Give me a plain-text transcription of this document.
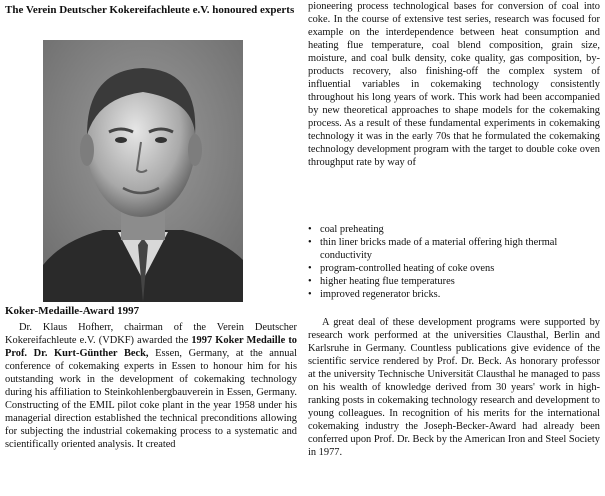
The Verein Deutscher Kokereifachleute e.V. honoured experts
Koker-Medaille-Award 1997

Dr. Klaus Hofherr, chairman of the Verein Deutscher Kokereifachleute e.V. (VDKF) awarded the 1997 Koker Medaille to Prof. Dr. Kurt-Günther Beck, Essen, Germany, at the annual conference of cokemaking experts in Essen to honour him for his outstanding work in the development of cokemaking technology during his affiliation to Steinkohlenbergbauverein in Essen, Germany. Constructing of the EMIL pilot coke plant in the year 1958 under his managerial direction established the technical preconditions allowing for subjecting the industrial cokemaking process to a systematic and scientifically oriented analysis. It created

pioneering process technological bases for conversion of coal into coke. In the course of extensive test series, research was focused for example on the interdependence between heat consumption and heating flue temperature, coal blend composition, grain size, moisture, and coal bulk density, coke quality, gas composition, by-products recovery, also finishing-off the complex system of influential variables in cokemaking technology consistently throughout his long years of work. This work had been accompanied by new theoretical approaches to shape models for the cokemaking process. As a result of these fundamental experiments in cokemaking technology it was in the early 70s that he formulated the cokemaking technology development program with the target to double coke oven throughput rate by way of

• coal preheating
• thin liner bricks made of a material offering high thermal conductivity
• program-controlled heating of coke ovens
• higher heating flue temperatures
• improved regenerator bricks.

A great deal of these development programs were supported by research work performed at the universities Clausthal, Berlin and Karlsruhe in Germany. Countless publications give evidence of the scientific service rendered by Prof. Dr. Beck. As honorary professor at the university Technische Universität Clausthal he managed to pass on his wealth of knowledge derived from 30 years' work in high-ranking posts in cokemaking technology research and development to young colleagues. In recognition of his merits for the international cokemaking industry the Joseph-Becker-Award had already been conferred upon Prof. Dr. Beck by the American Iron and Steel Society in 1977.
